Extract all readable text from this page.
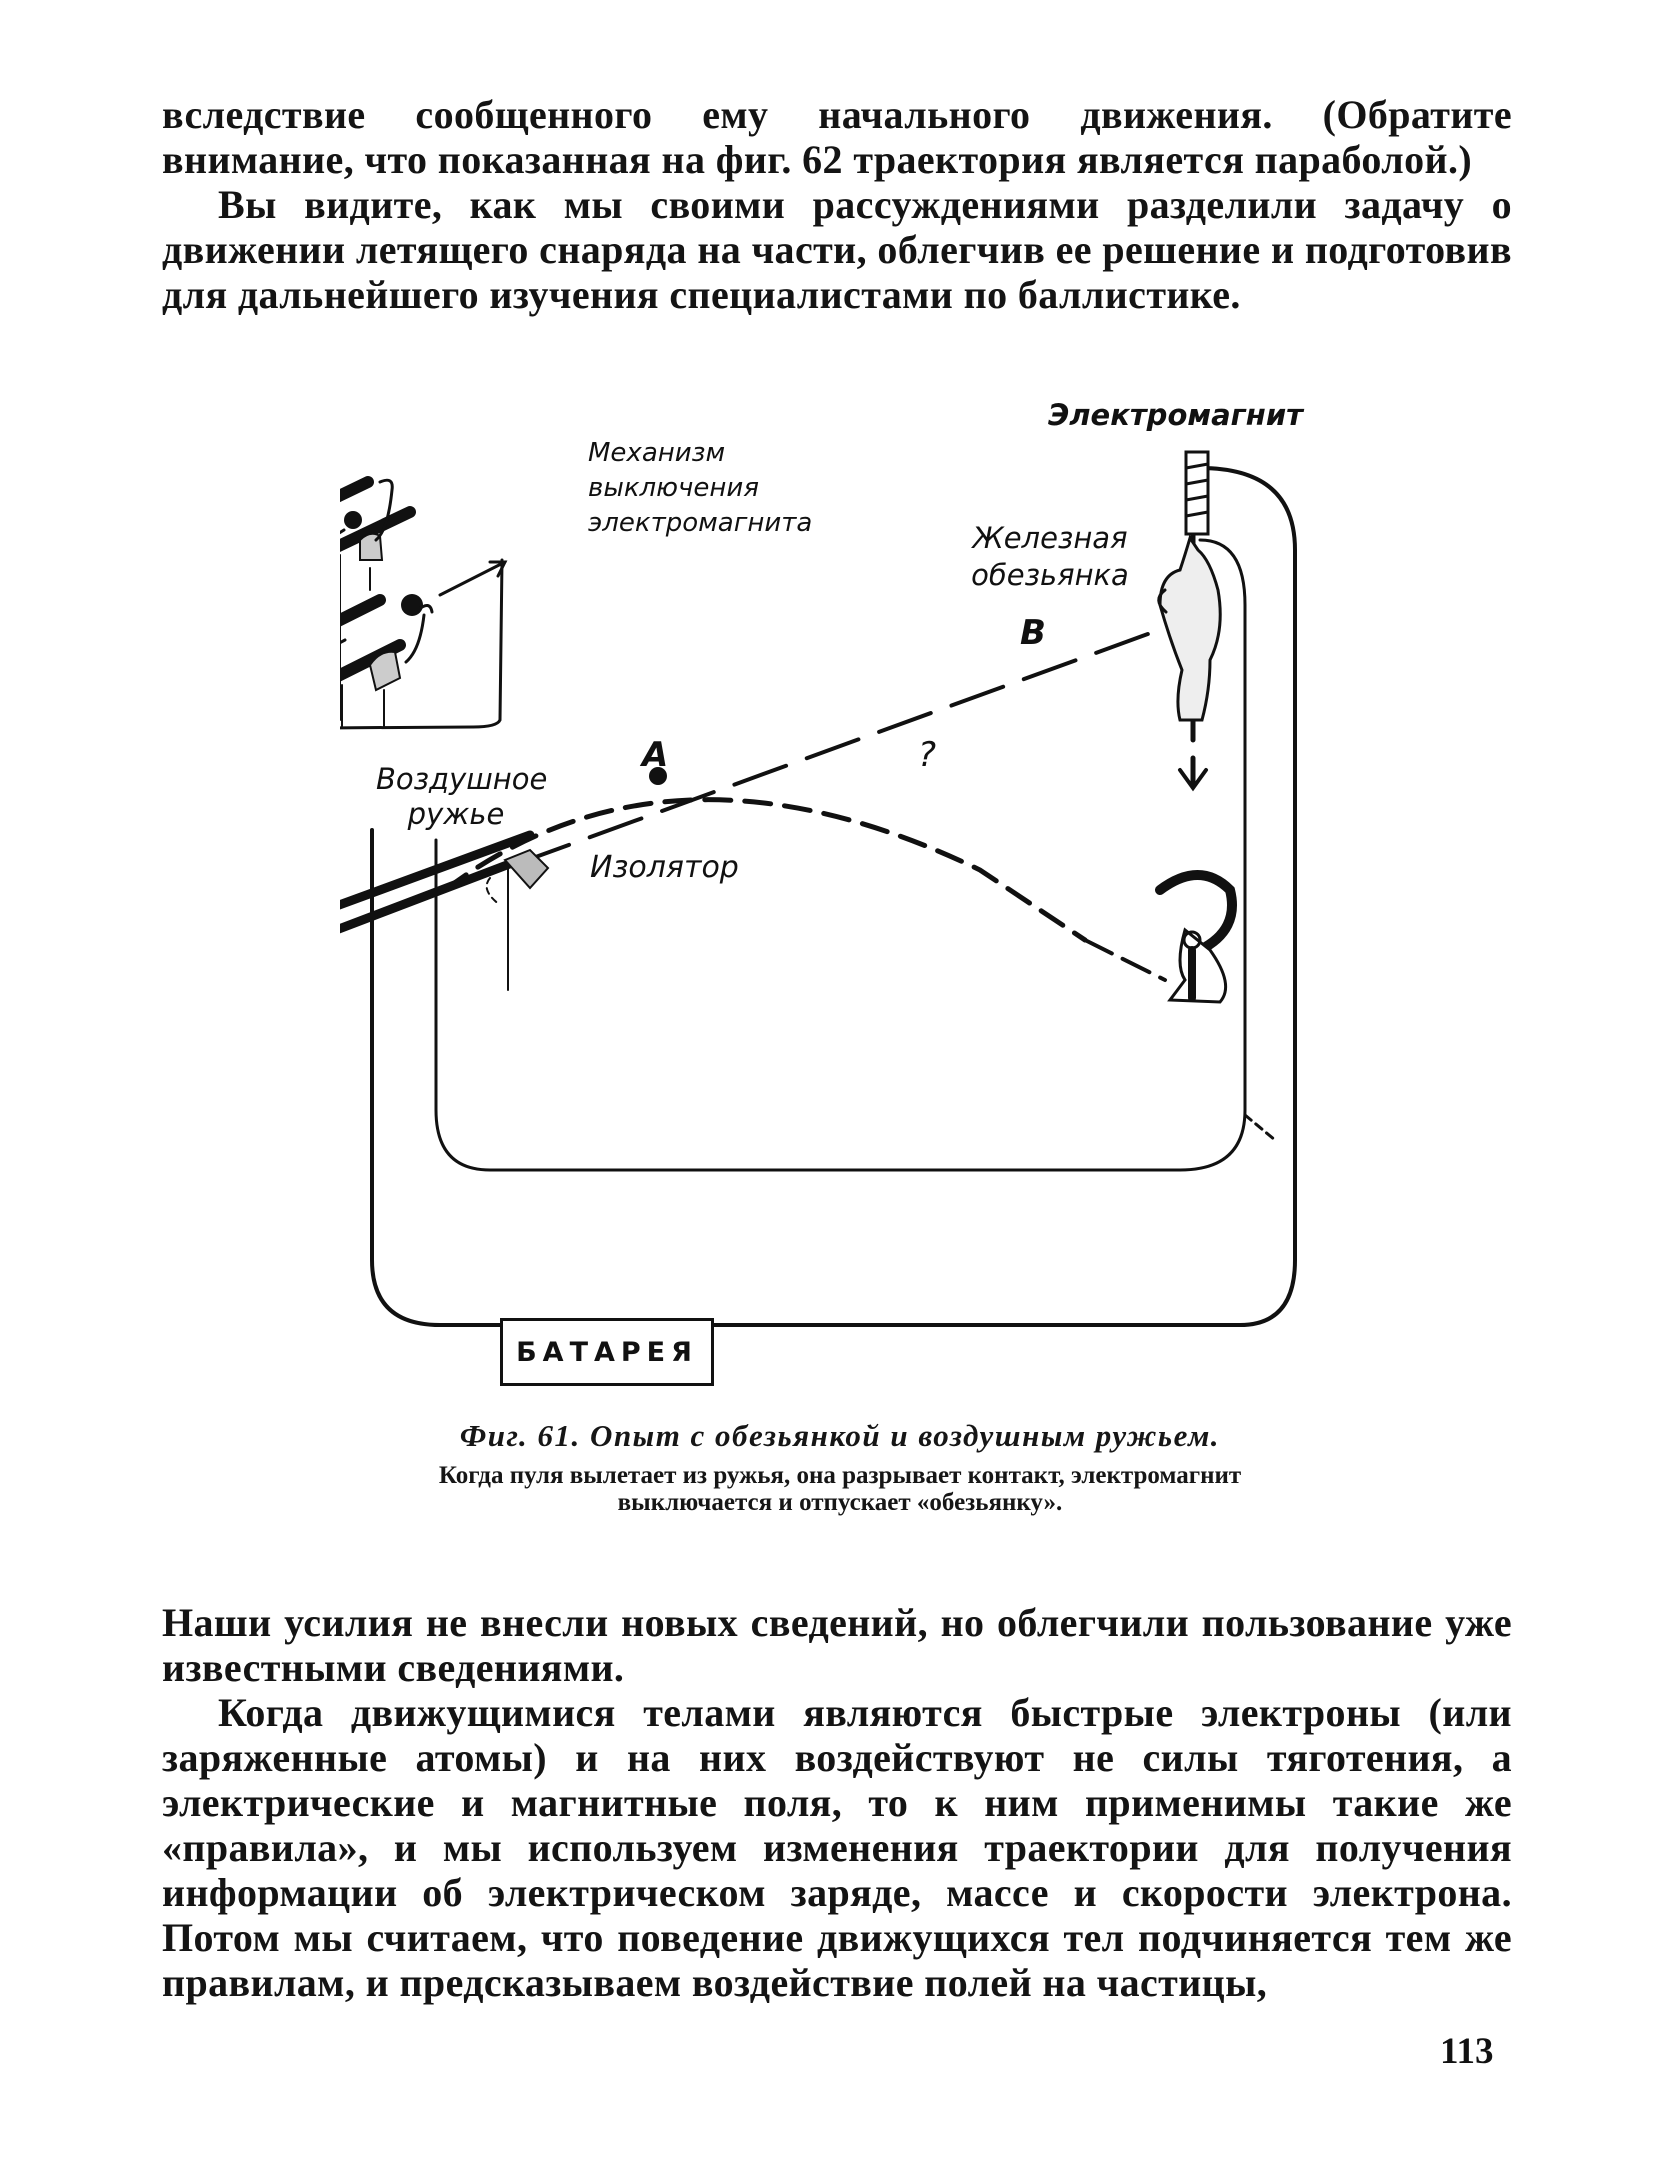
вследствие сообщенного ему начального движения. (Обратите внимание, что показанная на фиг. 62 траектория является параболой.)

Вы видите, как мы своими рассуждениями разделили задачу о движении летящего снаряда на части, облегчив ее решение и подготовив для дальнейшего изучения специалистами по баллистике.

Механизм выключения электромагнита
Электромагнит
Железная обезьянка
Воздушное ружье
Изолятор
A
B
?
БАТАРЕЯ
Фиг. 61. Опыт с обезьянкой и воздушным ружьем.
Когда пуля вылетает из ружья, она разрывает контакт, электромагнит выключается и отпускает «обезьянку».

Наши усилия не внесли новых сведений, но облегчили пользование уже известными сведениями.

Когда движущимися телами являются быстрые электроны (или заряженные атомы) и на них воздействуют не силы тяготения, а электрические и магнитные поля, то к ним применимы такие же «правила», и мы используем изменения траектории для получения информации об электрическом заряде, массе и скорости электрона. Потом мы считаем, что поведение движущихся тел подчиняется тем же правилам, и предсказываем воздействие полей на частицы,

113
